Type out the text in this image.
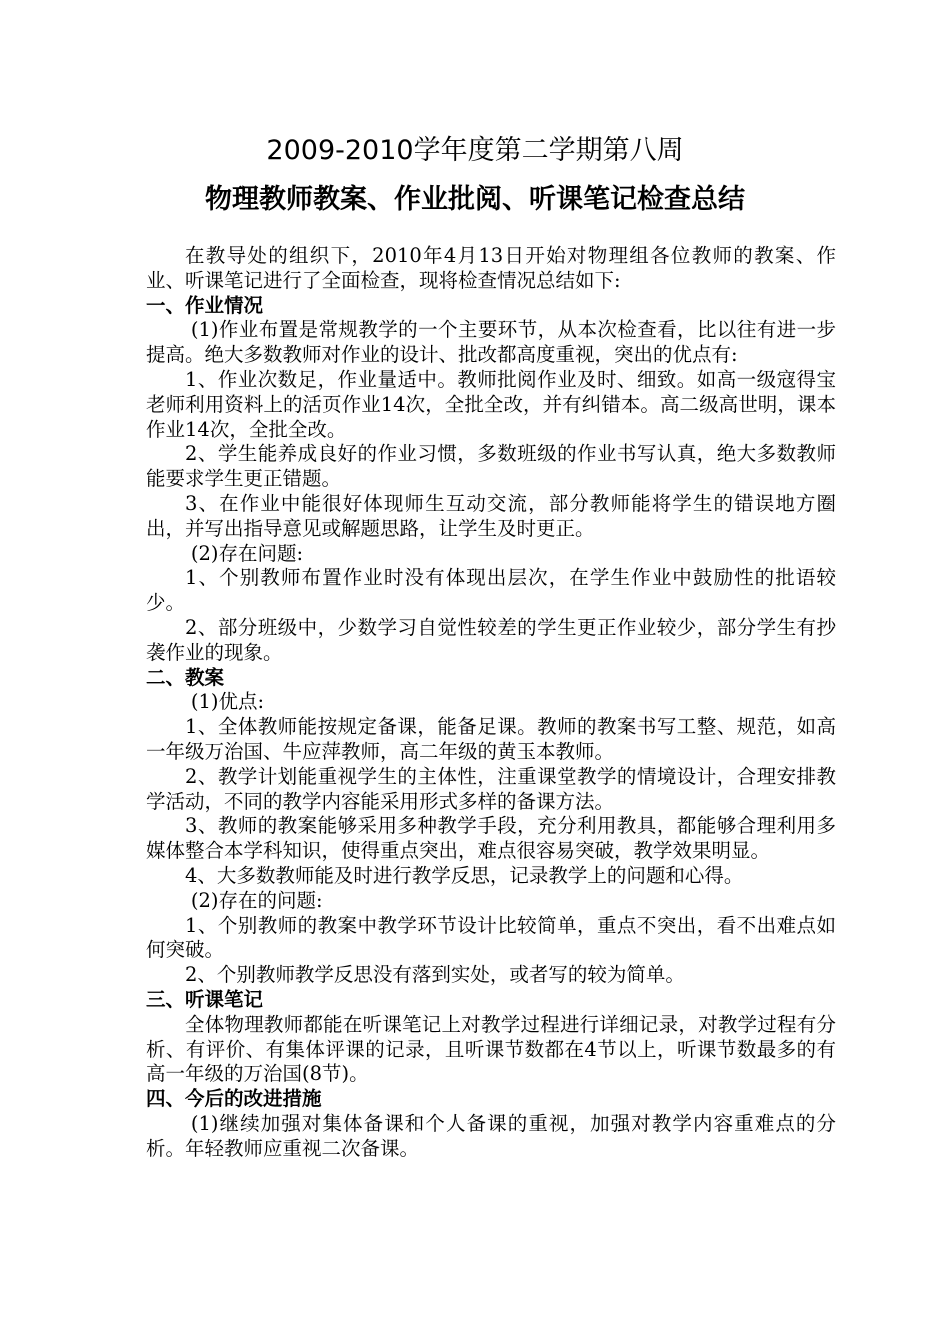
2009-2010学年度第二学期第八周
物理教师教案、作业批阅、听课笔记检查总结

在教导处的组织下，2010年4月13日开始对物理组各位教师的教案、作业、听课笔记进行了全面检查，现将检查情况总结如下:

一、作业情况

(1)作业布置是常规教学的一个主要环节，从本次检查看，比以往有进一步提高。绝大多数教师对作业的设计、批改都高度重视，突出的优点有:

1、作业次数足，作业量适中。教师批阅作业及时、细致。如高一级寇得宝老师利用资料上的活页作业14次，全批全改，并有纠错本。高二级高世明，课本作业14次，全批全改。

2、学生能养成良好的作业习惯，多数班级的作业书写认真，绝大多数教师能要求学生更正错题。

3、在作业中能很好体现师生互动交流，部分教师能将学生的错误地方圈出，并写出指导意见或解题思路，让学生及时更正。

(2)存在问题:

1、个别教师布置作业时没有体现出层次，在学生作业中鼓励性的批语较少。

2、部分班级中，少数学习自觉性较差的学生更正作业较少，部分学生有抄袭作业的现象。

二、教案

(1)优点:

1、全体教师能按规定备课，能备足课。教师的教案书写工整、规范，如高一年级万治国、牛应萍教师，高二年级的黄玉本教师。

2、教学计划能重视学生的主体性，注重课堂教学的情境设计，合理安排教学活动，不同的教学内容能采用形式多样的备课方法。

3、教师的教案能够采用多种教学手段，充分利用教具，都能够合理利用多媒体整合本学科知识，使得重点突出，难点很容易突破，教学效果明显。

4、大多数教师能及时进行教学反思，记录教学上的问题和心得。

(2)存在的问题:

1、个别教师的教案中教学环节设计比较简单，重点不突出，看不出难点如何突破。

2、个别教师教学反思没有落到实处，或者写的较为简单。

三、听课笔记

全体物理教师都能在听课笔记上对教学过程进行详细记录，对教学过程有分析、有评价、有集体评课的记录，且听课节数都在4节以上，听课节数最多的有高一年级的万治国(8节)。

四、今后的改进措施

(1)继续加强对集体备课和个人备课的重视，加强对教学内容重难点的分析。年轻教师应重视二次备课。
